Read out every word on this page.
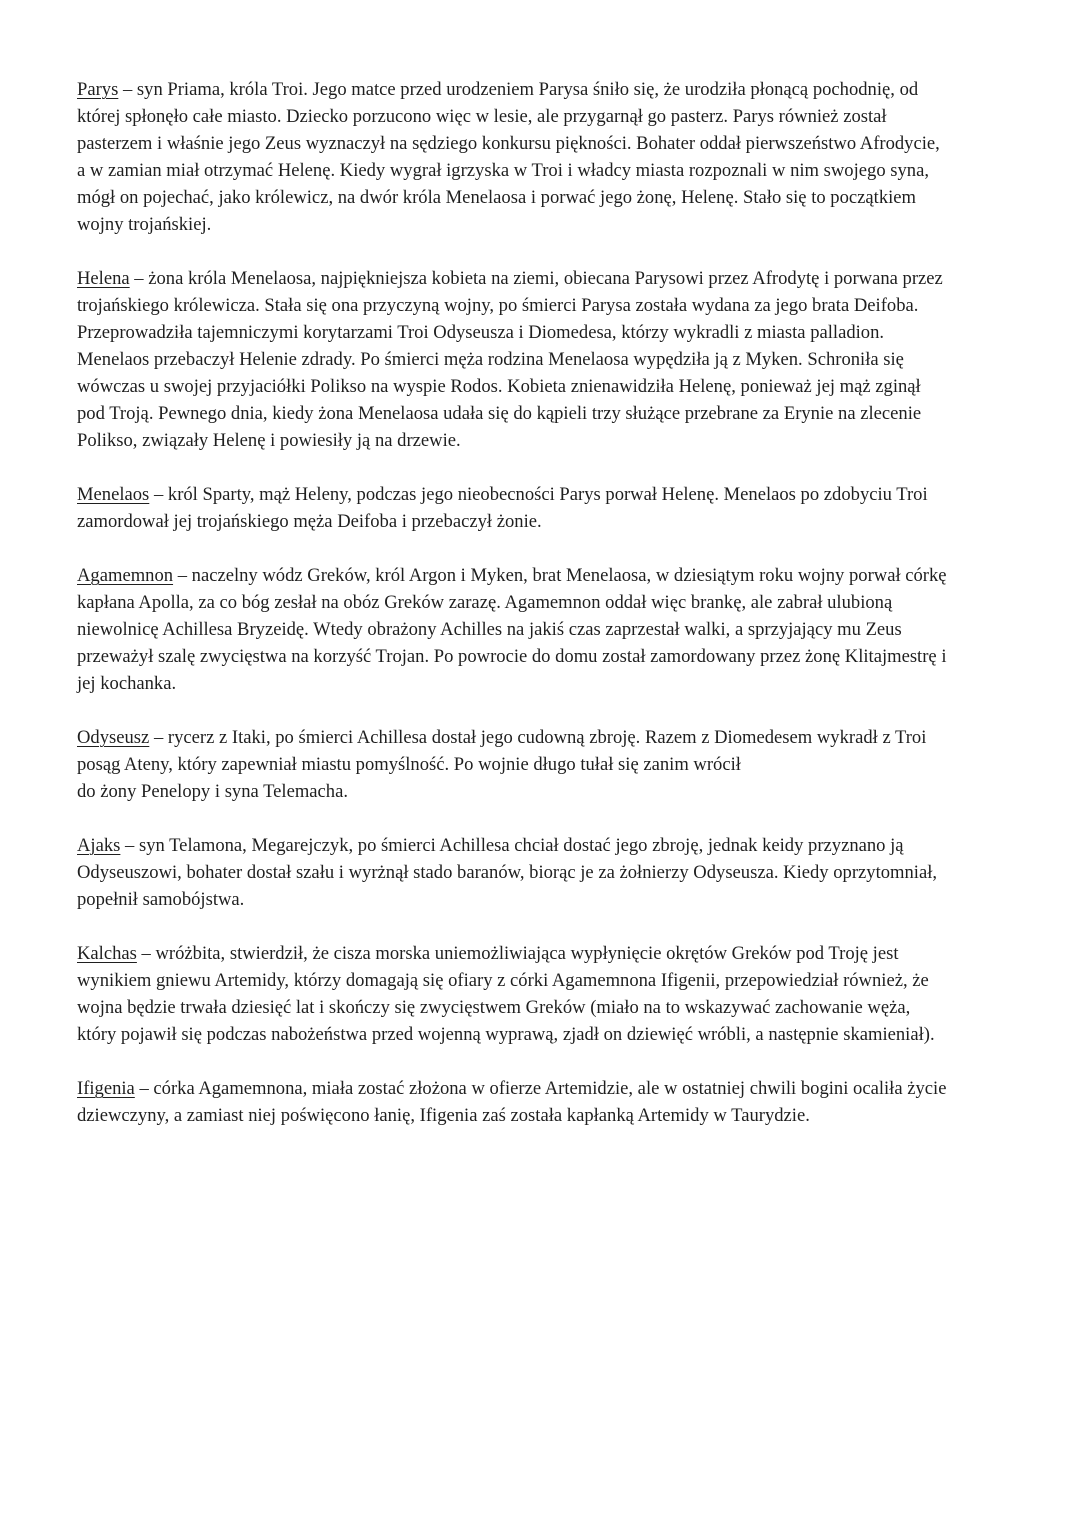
Parys – syn Priama, króla Troi. Jego matce przed urodzeniem Parysa śniło się, że urodziła płonącą pochodnię, od
której spłonęło całe miasto. Dziecko porzucono więc w lesie, ale przygarnął go pasterz. Parys również został
pasterzem i właśnie jego Zeus wyznaczył na sędziego konkursu piękności. Bohater oddał pierwszeństwo Afrodycie,
a w zamian miał otrzymać Helenę. Kiedy wygrał igrzyska w Troi i władcy miasta rozpoznali w nim swojego syna,
mógł on pojechać, jako królewicz, na dwór króla Menelaosa i porwać jego żonę, Helenę. Stało się to początkiem
wojny trojańskiej.
Helena – żona króla Menelaosa, najpiękniejsza kobieta na ziemi, obiecana Parysowi przez Afrodytę i porwana przez
trojańskiego królewicza. Stała się ona przyczyną wojny, po śmierci Parysa została wydana za jego brata Deifoba.
Przeprowadziła tajemniczymi korytarzami Troi Odyseusza i Diomedesa, którzy wykradli z miasta palladion.
Menelaos przebaczył Helenie zdrady. Po śmierci męża rodzina Menelaosa wypędziła ją z Myken. Schroniła się
wówczas u swojej przyjaciółki Polikso na wyspie Rodos. Kobieta znienawidziła Helenę, ponieważ jej mąż zginął
pod Troją. Pewnego dnia, kiedy żona Menelaosa udała się do kąpieli trzy służące przebrane za Erynie na zlecenie
Polikso, związały Helenę i powiesiły ją na drzewie.
Menelaos – król Sparty, mąż Heleny, podczas jego nieobecności Parys porwał Helenę. Menelaos po zdobyciu Troi
zamordował jej trojańskiego męża Deifoba i przebaczył żonie.
Agamemnon – naczelny wódz Greków, król Argon i Myken, brat Menelaosa, w dziesiątym roku wojny porwał córkę
kapłana Apolla, za co bóg zesłał na obóz Greków zarazę. Agamemnon oddał więc brankę, ale zabrał ulubioną
niewolnicę Achillesa Bryzeidę. Wtedy obrażony Achilles na jakiś czas zaprzestał walki, a sprzyjający mu Zeus
przeważył szalę zwycięstwa na korzyść Trojan. Po powrocie do domu został zamordowany przez żonę Klitajmestrę i
jej kochanka.
Odyseusz – rycerz z Itaki, po śmierci Achillesa dostał jego cudowną zbroję. Razem z Diomedesem wykradł z Troi
posąg Ateny, który zapewniał miastu pomyślność. Po wojnie długo tułał się zanim wrócił
do żony Penelopy i syna Telemacha.
Ajaks – syn Telamona, Megarejczyk, po śmierci Achillesa chciał dostać jego zbroję, jednak keidy przyznano ją
Odyseuszowi, bohater dostał szału i wyrżnął stado baranów, biorąc je za żołnierzy Odyseusza. Kiedy oprzytomniał,
popełnił samobójstwa.
Kalchas – wróżbita, stwierdził, że cisza morska uniemożliwiająca wypłynięcie okrętów Greków pod Troję jest
wynikiem gniewu Artemidy, którzy domagają się ofiary z córki Agamemnona Ifigenii, przepowiedział również, że
wojna będzie trwała dziesięć lat i skończy się zwycięstwem Greków (miało na to wskazywać zachowanie węża,
który pojawił się podczas nabożeństwa przed wojenną wyprawą, zjadł on dziewięć wróbli, a następnie skamieniał).
Ifigenia – córka Agamemnona, miała zostać złożona w ofierze Artemidzie, ale w ostatniej chwili bogini ocaliła życie
dziewczyny, a zamiast niej poświęcono łanię, Ifigenia zaś została kapłanką Artemidy w Taurydzie.
